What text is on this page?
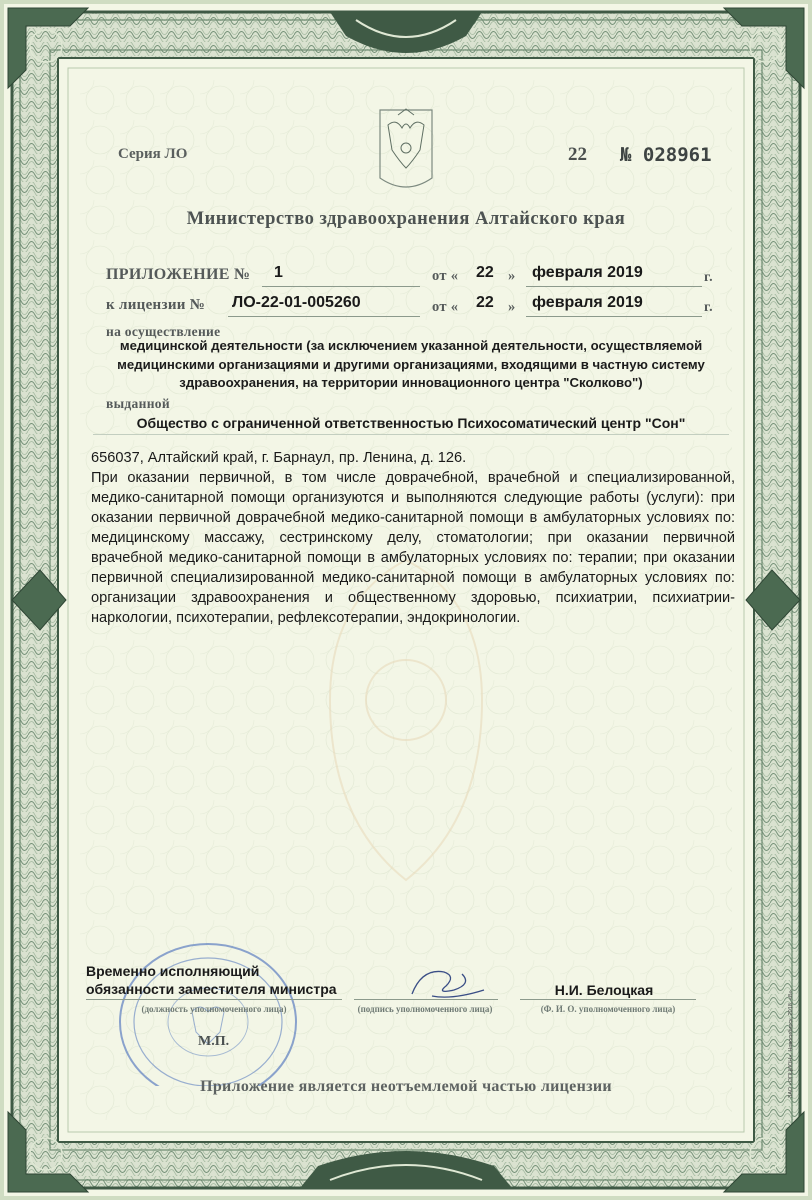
Серия ЛО	22 № 028961
Министерство здравоохранения Алтайского края
ПРИЛОЖЕНИЕ № 1	от « 22 » февраля 2019	г.
к лицензии № ЛО-22-01-005260	от « 22 » февраля 2019	г.
на осуществление
медицинской деятельности (за исключением указанной деятельности, осуществляемой медицинскими организациями и другими организациями, входящими в частную систему здравоохранения, на территории инновационного центра "Сколково")
выданной
Общество с ограниченной ответственностью Психосоматический центр "Сон"

656037, Алтайский край, г. Барнаул, пр. Ленина, д. 126.

При оказании первичной, в том числе доврачебной, врачебной и специализированной, медико-санитарной помощи организуются и выполняются следующие работы (услуги): при оказании первичной доврачебной медико-санитарной помощи в амбулаторных условиях по: медицинскому массажу, сестринскому делу, стоматологии; при оказании первичной врачебной медико-санитарной помощи в амбулаторных условиях по: терапии; при оказании первичной специализированной медико-санитарной помощи в амбулаторных условиях по: организации здравоохранения и общественному здоровью, психиатрии, психиатрии-наркологии, психотерапии, рефлексотерапии, эндокринологии.

Временно исполняющий
обязанности заместителя министра
(должность уполномоченного лица)	(подпись уполномоченного лица)
Н.И. Белоцкая
(Ф. И. О. уполномоченного лица)
М.П.
Приложение является неотъемлемой частью лицензии	ЗАО «ОПЦИОН», Новосибирск, 2018, «Б».
